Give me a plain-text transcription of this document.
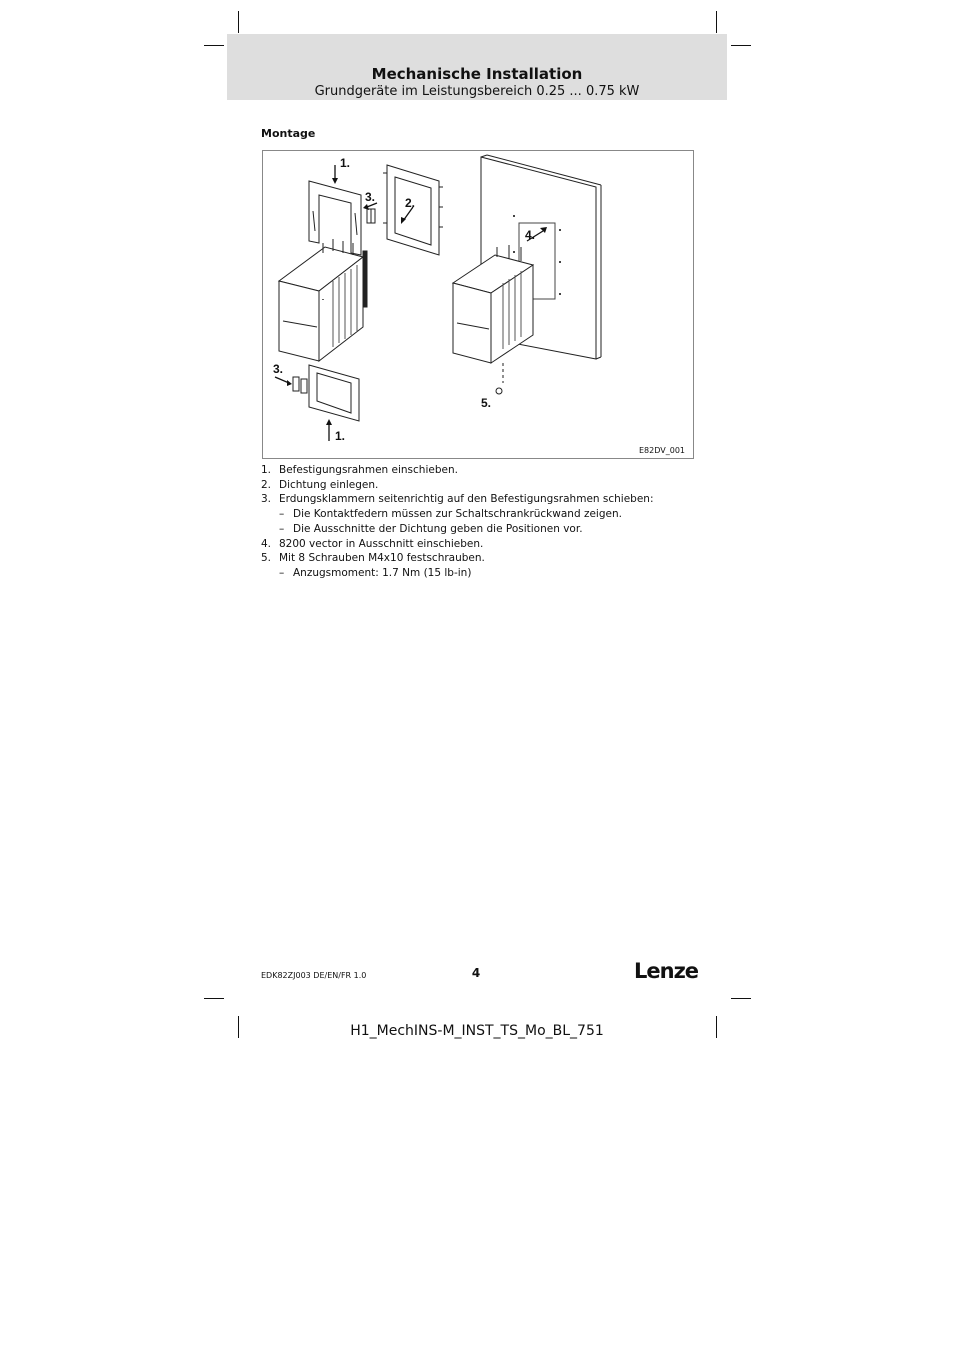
Mechanische Installation
Grundgeräte im Leistungsbereich 0.25 ... 0.75 kW
Montage
1.
3. 2.
4.
3.
5.
1.
E82DV_001
1. Befestigungsrahmen einschieben.
2. Dichtung einlegen.
3. Erdungsklammern seitenrichtig auf den Befestigungsrahmen schieben:
– Die Kontaktfedern müssen zur Schaltschrankrückwand zeigen.
– Die Ausschnitte der Dichtung geben die Positionen vor.
4. 8200 vector in Ausschnitt einschieben.
5. Mit 8 Schrauben M4x10 festschrauben.
– Anzugsmoment: 1.7 Nm (15 lb-in)
EDK82ZJ003 DE/EN/FR 1.0	4	Lenze
H1_MechINS-M_INST_TS_Mo_BL_751
